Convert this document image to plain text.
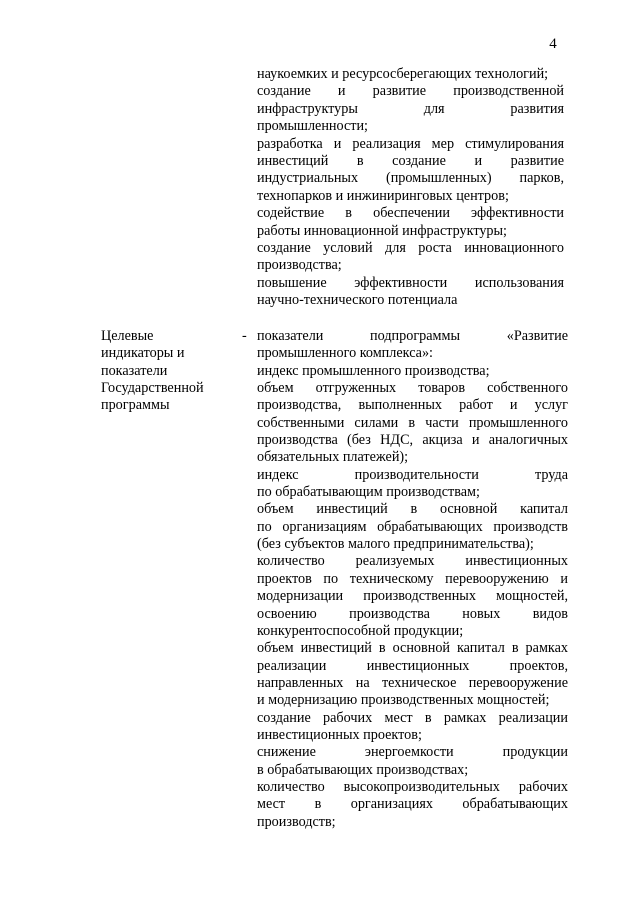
4
наукоемких и ресурсосберегающих технологий;
создание и развитие производственной
инфраструктуры для развития
промышленности;
разработка и реализация мер стимулирования
инвестиций в создание и развитие
индустриальных (промышленных) парков,
технопарков и инжиниринговых центров;
содействие в обеспечении эффективности
работы инновационной инфраструктуры;
создание условий для роста инновационного
производства;
повышение эффективности использования
научно-технического потенциала
Целевые
индикаторы и
показатели
Государственной
программы
- показатели подпрограммы «Развитие
промышленного комплекса»:
индекс промышленного производства;
объем отгруженных товаров собственного
производства, выполненных работ и услуг
собственными силами в части промышленного
производства (без НДС, акциза и аналогичных
обязательных платежей);
индекс производительности труда
по обрабатывающим производствам;
объем инвестиций в основной капитал
по организациям обрабатывающих производств
(без субъектов малого предпринимательства);
количество реализуемых инвестиционных
проектов по техническому перевооружению и
модернизации производственных мощностей,
освоению производства новых видов
конкурентоспособной продукции;
объем инвестиций в основной капитал в рамках
реализации инвестиционных проектов,
направленных на техническое перевооружение
и модернизацию производственных мощностей;
создание рабочих мест в рамках реализации
инвестиционных проектов;
снижение энергоемкости продукции
в обрабатывающих производствах;
количество высокопроизводительных рабочих
мест в организациях обрабатывающих
производств;
